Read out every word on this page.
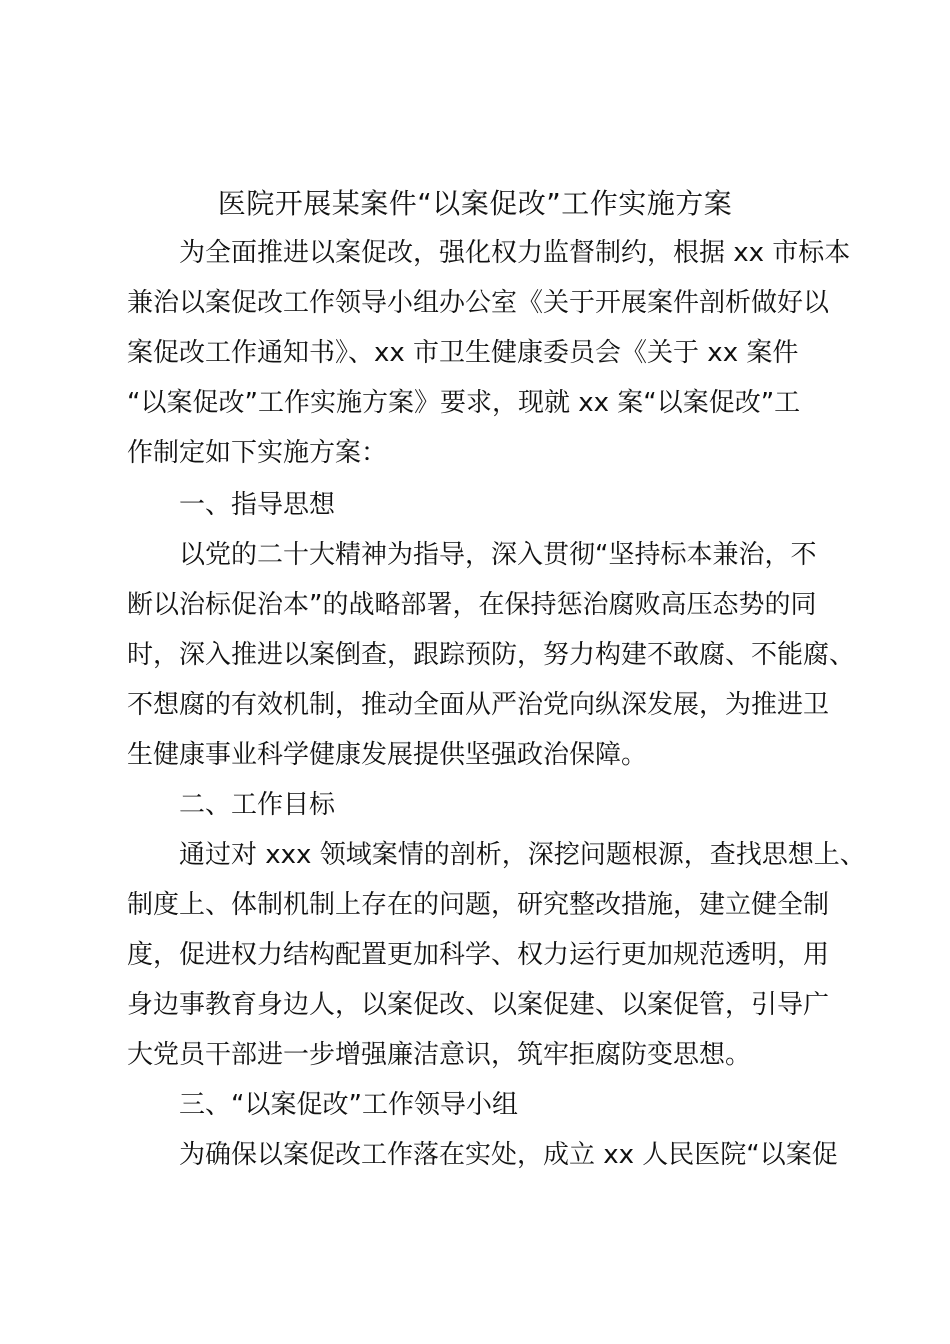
医院开展某案件“以案促改”工作实施方案
为全面推进以案促改，强化权力监督制约，根据 xx 市标本
兼治以案促改工作领导小组办公室《关于开展案件剖析做好以
案促改工作通知书》、xx 市卫生健康委员会《关于 xx 案件
“以案促改”工作实施方案》要求，现就 xx 案“以案促改”工
作制定如下实施方案：
一、指导思想
以党的二十大精神为指导，深入贯彻“坚持标本兼治，不
断以治标促治本”的战略部署，在保持惩治腐败高压态势的同
时，深入推进以案倒查，跟踪预防，努力构建不敢腐、不能腐、
不想腐的有效机制，推动全面从严治党向纵深发展，为推进卫
生健康事业科学健康发展提供坚强政治保障。
二、工作目标
通过对 xxx 领域案情的剖析，深挖问题根源，查找思想上、
制度上、体制机制上存在的问题，研究整改措施，建立健全制
度，促进权力结构配置更加科学、权力运行更加规范透明，用
身边事教育身边人，以案促改、以案促建、以案促管，引导广
大党员干部进一步增强廉洁意识，筑牢拒腐防变思想。
三、“以案促改”工作领导小组
为确保以案促改工作落在实处，成立 xx 人民医院“以案促
